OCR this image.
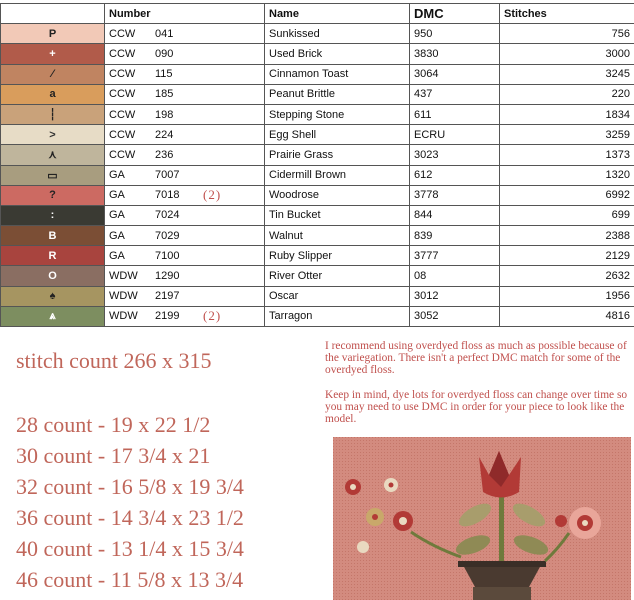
	Number	Name	DMC	Stitches
P	CCW 041	Sunkissed	950	756
+	CCW 090	Used Brick	3830	3000
⁄	CCW 115	Cinnamon Toast	3064	3245
a	CCW 185	Peanut Brittle	437	220
┆	CCW 198	Stepping Stone	611	1834
>	CCW 224	Egg Shell	ECRU	3259
⋏	CCW 236	Prairie Grass	3023	1373
▭	GA 7007	Cidermill Brown	612	1320
?	GA 7018 (2)	Woodrose	3778	6992
:	GA 7024	Tin Bucket	844	699
B	GA 7029	Walnut	839	2388
R	GA 7100	Ruby Slipper	3777	2129
O	WDW 1290	River Otter	08	2632
♠	WDW 2197	Oscar	3012	1956
⩓	WDW 2199 (2)	Tarragon	3052	4816
stitch count 266 x 315
28 count - 19 x 22 1/2
30 count - 17 3/4 x 21
32 count - 16 5/8 x 19 3/4
36 count - 14 3/4 x 23 1/2
40 count - 13 1/4 x 15 3/4
46 count - 11 5/8 x 13 3/4
I recommend using overdyed floss as much as possible because of the variegation. There isn't a perfect DMC match for some of the overdyed floss.
Keep in mind, dye lots for overdyed floss can change over time so you may need to use DMC in order for your piece to look like the model.
